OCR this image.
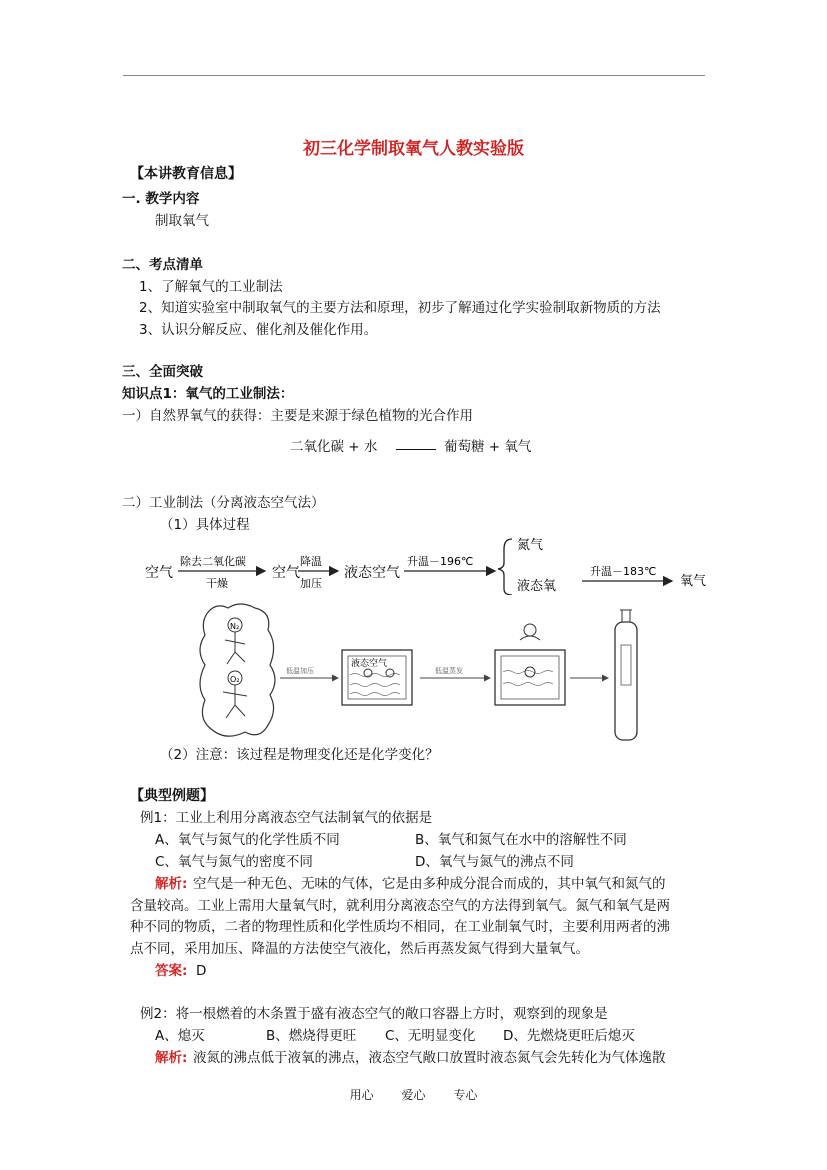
初三化学制取氧气人教实验版
【本讲教育信息】
一. 教学内容
制取氧气
二、考点清单
1、了解氧气的工业制法
2、知道实验室中制取氧气的主要方法和原理，初步了解通过化学实验制取新物质的方法
3、认识分解反应、催化剂及催化作用。
三、全面突破
知识点1：氧气的工业制法：
一）自然界氧气的获得：主要是来源于绿色植物的光合作用
二氧化碳 + 水	葡萄糖 + 氧气
二）工业制法（分离液态空气法）
（1）具体过程
空气
除去二氧化碳
干燥
空气
降温
加压
液态空气
升温－196℃
氮气
液态氧
升温－183℃
氧气
N₂
O₂
低温加压
液态空气
低温蒸发
（2）注意：该过程是物理变化还是化学变化？
【典型例题】
例1：工业上利用分离液态空气法制氧气的依据是
A、氧气与氮气的化学性质不同	B、氧气和氮气在水中的溶解性不同
C、氧气与氮气的密度不同	D、氧气与氮气的沸点不同
解析: 空气是一种无色、无味的气体，它是由多种成分混合而成的，其中氧气和氮气的
含量较高。工业上需用大量氧气时，就利用分离液态空气的方法得到氧气。氮气和氧气是两
种不同的物质，二者的物理性质和化学性质均不相同，在工业制氧气时，主要利用两者的沸
点不同，采用加压、降温的方法使空气液化，然后再蒸发氮气得到大量氧气。
答案: D
例2：将一根燃着的木条置于盛有液态空气的敞口容器上方时，观察到的现象是
A、熄灭	B、燃烧得更旺 C、无明显变化 D、先燃烧更旺后熄灭
解析: 液氮的沸点低于液氧的沸点，液态空气敞口放置时液态氮气会先转化为气体逸散
用心 爱心 专心
